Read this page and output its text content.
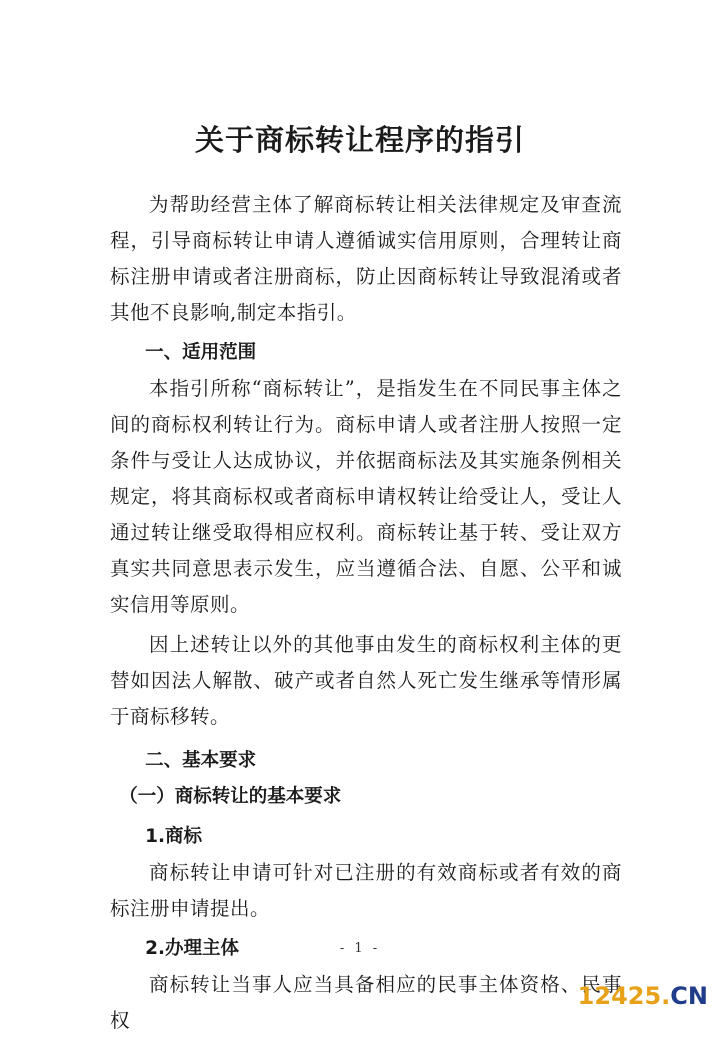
关于商标转让程序的指引

为帮助经营主体了解商标转让相关法律规定及审查流程，引导商标转让申请人遵循诚实信用原则，合理转让商标注册申请或者注册商标，防止因商标转让导致混淆或者其他不良影响,制定本指引。

一、适用范围

本指引所称“商标转让”，是指发生在不同民事主体之间的商标权利转让行为。商标申请人或者注册人按照一定条件与受让人达成协议，并依据商标法及其实施条例相关规定，将其商标权或者商标申请权转让给受让人，受让人通过转让继受取得相应权利。商标转让基于转、受让双方真实共同意思表示发生，应当遵循合法、自愿、公平和诚实信用等原则。

因上述转让以外的其他事由发生的商标权利主体的更替如因法人解散、破产或者自然人死亡发生继承等情形属于商标移转。

二、基本要求

（一）商标转让的基本要求

1.商标

商标转让申请可针对已注册的有效商标或者有效的商标注册申请提出。

2.办理主体

商标转让当事人应当具备相应的民事主体资格、民事权

- 1 -
12425.CN
